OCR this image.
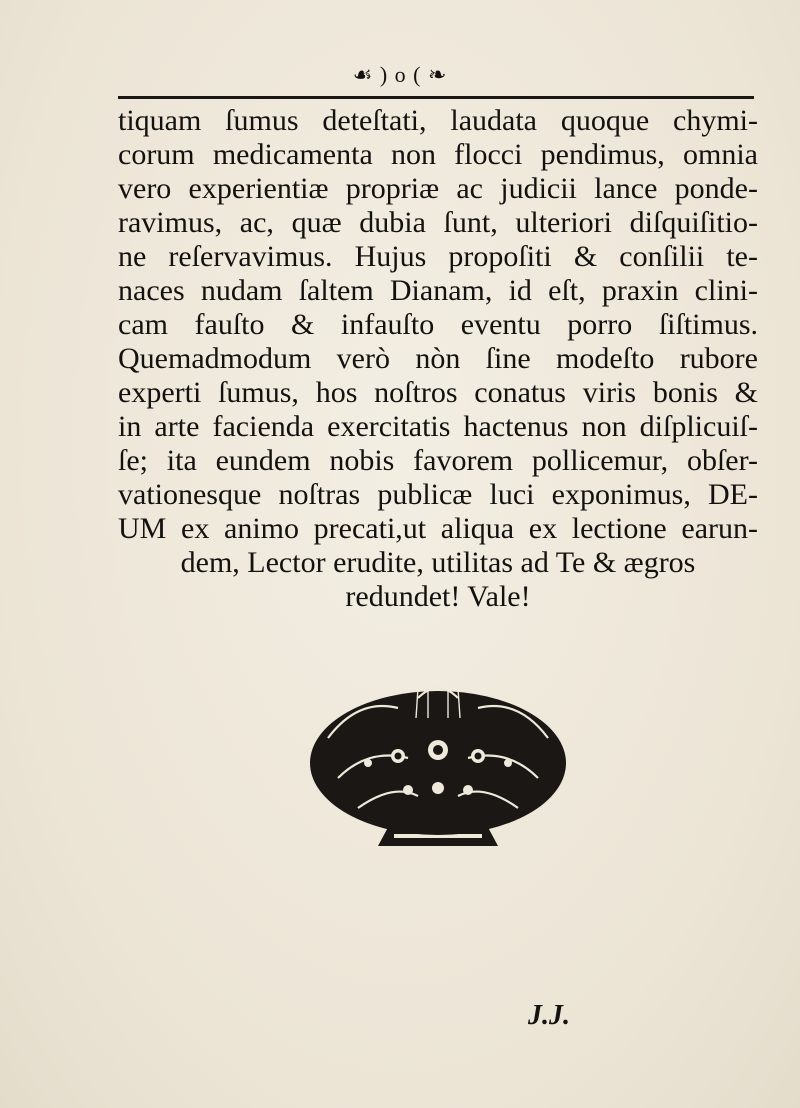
☙ ) o ( ❧
tiquam ſumus deteſtati, laudata quoque chymi-
corum medicamenta non flocci pendimus, omnia
vero experientiæ propriæ ac judicii lance ponde-
ravimus, ac, quæ dubia ſunt, ulteriori diſquiſitio-
ne reſervavimus. Hujus propoſiti & conſilii te-
naces nudam ſaltem Dianam, id eſt, praxin clini-
cam fauſto & infauſto eventu porro ſiſtimus.
Quemadmodum verò nòn ſine modeſto rubore
experti ſumus, hos noſtros conatus viris bonis &
in arte facienda exercitatis hactenus non diſplicuiſ-
ſe; ita eundem nobis favorem pollicemur, obſer-
vationesque noſtras publicæ luci exponimus, DE-
UM ex animo precati,ut aliqua ex lectione earun-
dem, Lector erudite, utilitas ad Te & ægros
redundet! Vale!
J.J.
